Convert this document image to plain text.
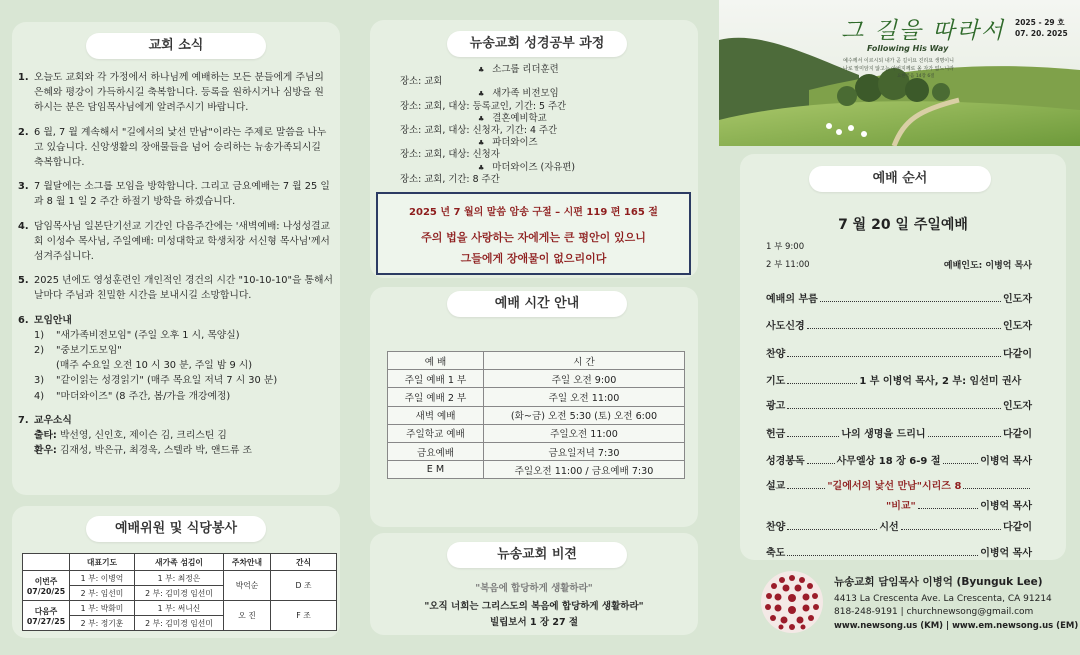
교회 소식
1. 오늘도 교회와 각 가정에서 하나님께 예배하는 모든 분들에게 주님의 은혜와 평강이 가득하시길 축복합니다. 등록을 원하시거나 심방을 원하시는 분은 담임목사님에게 알려주시기 바랍니다.
2. 6 월, 7 월 계속해서 "길에서의 낯선 만남"이라는 주제로 말씀을 나누고 있습니다. 신앙생활의 장애물들을 넘어 승리하는 뉴송가족되시길 축복합니다.
3. 7 월달에는 소그룹 모임을 방학합니다. 그리고 금요예배는 7 월 25 일과 8 월 1 일 2 주간 하절기 방학을 하겠습니다.
4. 담임목사님 일본단기선교 기간인 다음주간에는 '새벽예배: 나성성결교회 이성수 목사님, 주일예배: 미성대학교 학생처장 서신형 목사님'께서 섬겨주십니다.
5. 2025 년에도 영성훈련인 개인적인 경건의 시간 "10-10-10"을 통해서 날마다 주님과 친밀한 시간을 보내시길 소망합니다.
6. 모임안내
1)	"새가족비전모임" (주일 오후 1 시, 목양실)
2)	"중보기도모임"
(매주 수요일 오전 10 시 30 분, 주일 밤 9 시)
3)	"같이읽는 성경읽기" (매주 목요일 저녁 7 시 30 분)
4)	"마더와이즈" (8 주간, 봄/가을 개강예정)
7. 교우소식
출타: 박선영, 신인호, 제이슨 김, 크리스틴 김
환우: 김재성, 박은규, 최경욱, 스텔라 박, 앤드류 조
예배위원 및 식당봉사
	대표기도	새가족 섬김이	주차안내	간식

이번주
07/20/25	1 부: 이병억	1 부: 최정은	박억순	D 조
	2 부: 임선미	2 부: 김미경 임선미		

다음주
07/27/25	1 부: 박화미	1 부: 써니신	오 진	F 조
	2 부: 정기훈	2 부: 김미경 임선미		
뉴송교회 성경공부 과정
♣ 소그룹 리더훈련
장소: 교회
♣ 새가족 비전모임
장소: 교회, 대상: 등록교인, 기간: 5 주간
♣ 결혼예비학교
장소: 교회, 대상: 신청자, 기간: 4 주간
♣ 파더와이즈
장소: 교회, 대상: 신청자
♣ 마더와이즈 (자유편)
장소: 교회, 기간: 8 주간
2025 년 7 월의 말씀 암송 구절 – 시편 119 편 165 절
주의 법을 사랑하는 자에게는 큰 평안이 있으니
그들에게 장애물이 없으리이다
예배 시간 안내
예 배	시 간
주일 예배 1 부	주일 오전 9:00
주일 예배 2 부	주일 오전 11:00
새벽 예배	(화~금) 오전 5:30 (토) 오전 6:00
주일학교 예배	주일오전 11:00
금요예배	금요일저녁 7:30
E M	주일오전 11:00 / 금요예배 7:30
뉴송교회 비젼
"복음에 합당하게 생활하라"
"오직 너희는 그리스도의 복음에 합당하게 생활하라"
빌립보서 1 장 27 절
그 길을 따라서
Following His Way
예수께서 이르시되 내가 곧 길이요 진리요 생명이니
나로 말미암지 않고는 아버지께로 올 자가 없느니라
요한복음 14장 6절
2025 - 29 호
07. 20. 2025
예배 순서
7 월 20 일 주일예배
1 부 9:00
2 부 11:00	예배인도: 이병억 목사
예배의 부름	인도자
사도신경	인도자
찬양	다같이
기도	1 부 이병억 목사, 2 부: 임선미 권사
광고	인도자
헌금	나의 생명을 드리니	다같이
성경봉독	사무엘상 18 장 6-9 절	이병억 목사
설교	"길에서의 낯선 만남"시리즈 8
"비교"	이병억 목사
찬양	시선	다같이
축도	이병억 목사
뉴송교회 담임목사 이병억 (Byunguk Lee)
4413 La Crescenta Ave. La Crescenta, CA 91214
818-248-9191 | churchnewsong@gmail.com
www.newsong.us (KM) | www.em.newsong.us (EM)
